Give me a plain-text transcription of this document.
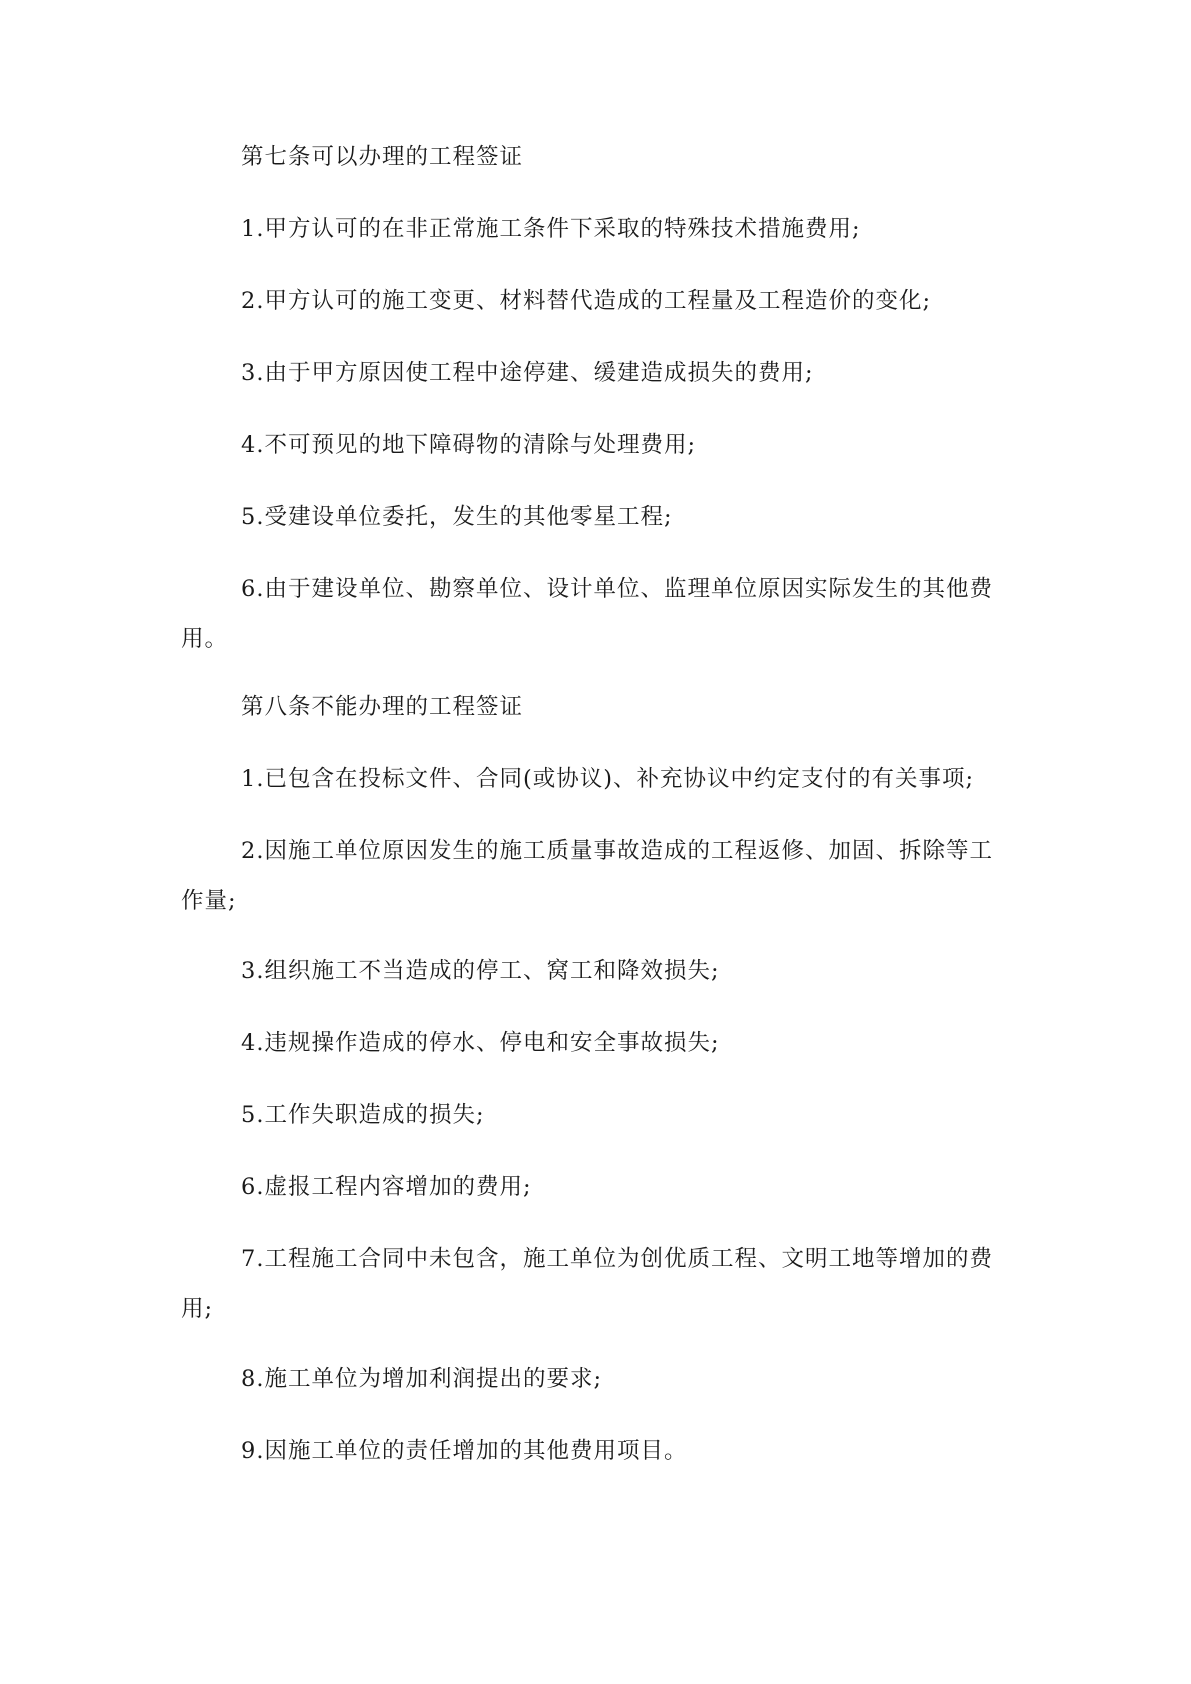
第七条可以办理的工程签证

1.甲方认可的在非正常施工条件下采取的特殊技术措施费用;

2.甲方认可的施工变更、材料替代造成的工程量及工程造价的变化;

3.由于甲方原因使工程中途停建、缓建造成损失的费用;

4.不可预见的地下障碍物的清除与处理费用;

5.受建设单位委托，发生的其他零星工程;

6.由于建设单位、勘察单位、设计单位、监理单位原因实际发生的其他费用。

第八条不能办理的工程签证

1.已包含在投标文件、合同(或协议)、补充协议中约定支付的有关事项;

2.因施工单位原因发生的施工质量事故造成的工程返修、加固、拆除等工作量;

3.组织施工不当造成的停工、窝工和降效损失;

4.违规操作造成的停水、停电和安全事故损失;

5.工作失职造成的损失;

6.虚报工程内容增加的费用;

7.工程施工合同中未包含，施工单位为创优质工程、文明工地等增加的费用;

8.施工单位为增加利润提出的要求;

9.因施工单位的责任增加的其他费用项目。
